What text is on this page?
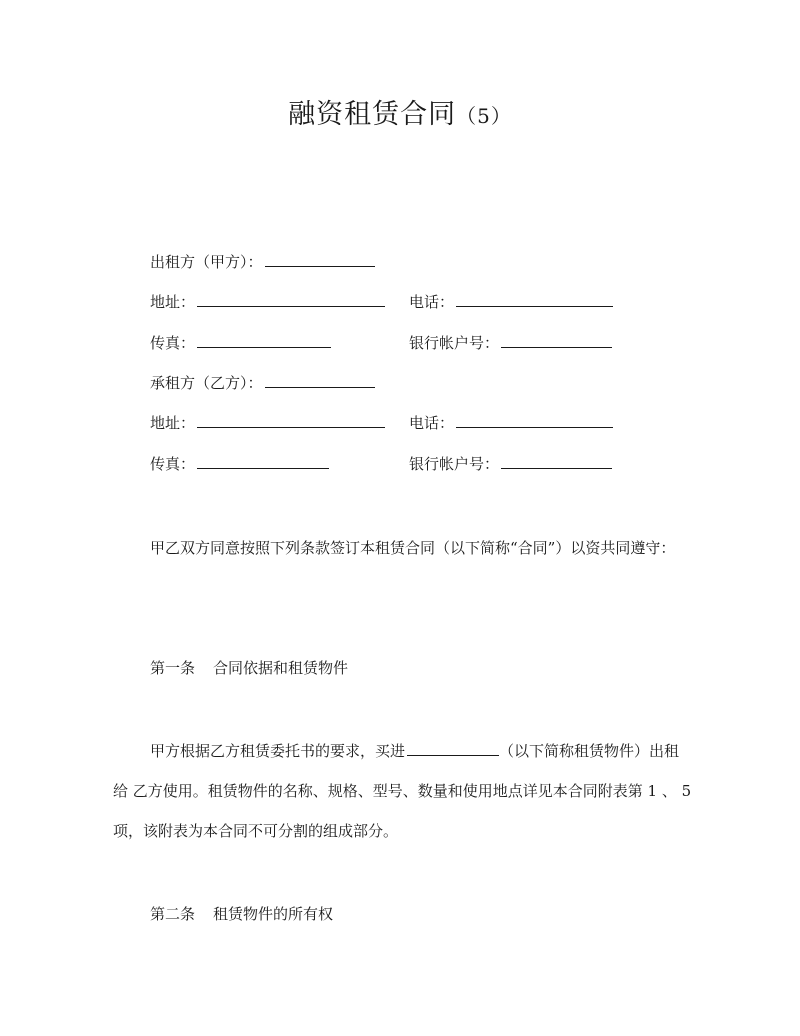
融资租赁合同（5）
出租方（甲方）：
地址：	电话：
传真：	银行帐户号：
承租方（乙方）：
地址：	电话：
传真：	银行帐户号：
甲乙双方同意按照下列条款签订本租赁合同（以下简称“合同”）以资共同遵守：
第一条 合同依据和租赁物件
甲方根据乙方租赁委托书的要求，买进	（以下简称租赁物件）出租给 乙方使用。租赁物件的名称、规格、型号、数量和使用地点详见本合同附表第 1 、 5项，该附表为本合同不可分割的组成部分。
第二条 租赁物件的所有权
